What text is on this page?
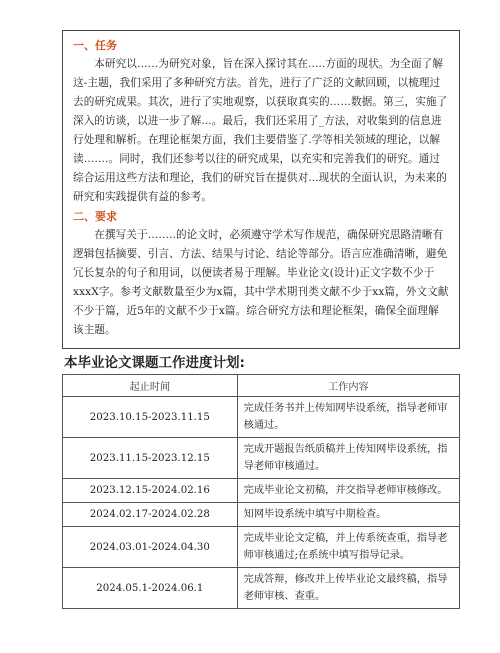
一、任务

本研究以……为研究对象，旨在深入探讨其在.....方面的现状。为全面了解这-主题，我们采用了多种研究方法。首先，进行了广泛的文献回顾，以梳理过去的研究成果。其次，进行了实地观察，以获取真实的……数据。第三，实施了深入的访谈，以进一步了解...。最后，我们还采用了_方法，对收集到的信息进行处理和解析。在理论框架方面，我们主要借鉴了.学等相关领域的理论，以解读…….。同时，我们还参考以往的研究成果，以充实和完善我们的研究。通过综合运用这些方法和理论，我们的研究旨在提供对...现状的全面认识，为未来的研究和实践提供有益的参考。

二、要求

在撰写关于……..的论文时，必须遵守学术写作规范，确保研究思路清晰有逻辑包括摘要、引言、方法、结果与讨论、结论等部分。语言应准确清晰，避免冗长复杂的句子和用词，以便读者易于理解。毕业论文(设计)正文字数不少于xxxX字。参考文献数量至少为x篇，其中学术期刊类文献不少于xx篇，外文文献不少于篇，近5年的文献不少于x篇。综合研究方法和理论框架，确保全面理解该主题。

本毕业论文课题工作进度计划:
起止时间	工作内容
2023.10.15-2023.11.15	完成任务书并上传知网毕设系统，指导老师审核通过。
2023.11.15-2023.12.15	完成开题报告纸质稿并上传知网毕设系统，指导老师审核通过。
2023.12.15-2024.02.16	完成毕业论文初稿，并交指导老师审核修改。
2024.02.17-2024.02.28	知网毕设系统中填写中期检查。
2024.03.01-2024.04.30	完成毕业论文定稿，并上传系统查重，指导老师审核通过;在系统中填写指导记录。
2024.05.1-2024.06.1	完成答辩，修改并上传毕业论文最终稿，指导老师审核、查重。
